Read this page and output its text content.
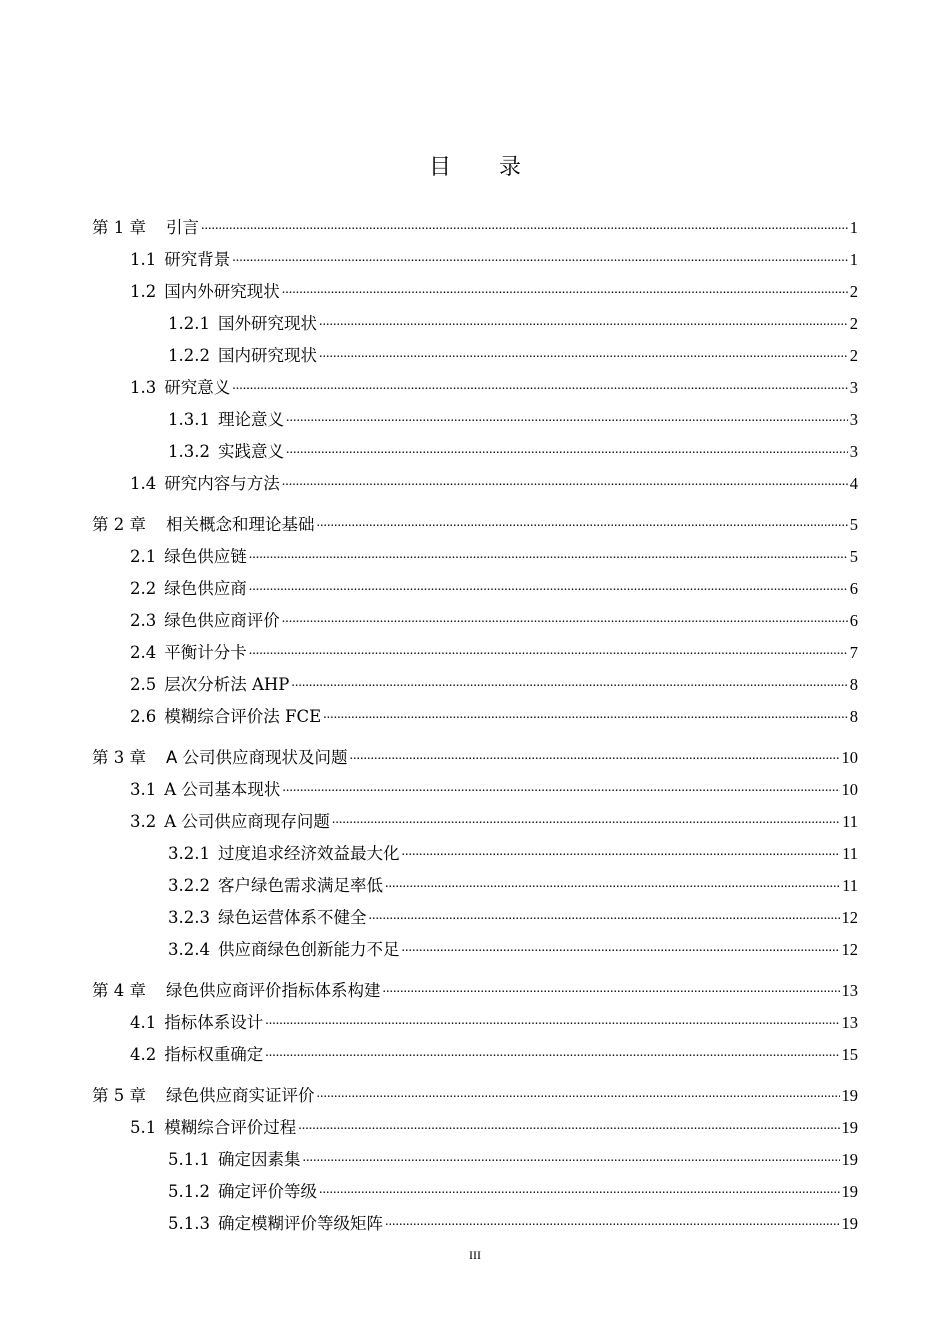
目 录
第 1 章 引言 .....	1
1.1 研究背景 .....	1
1.2 国内外研究现状 .....	2
1.2.1 国外研究现状 .....	2
1.2.2 国内研究现状 .....	2
1.3 研究意义 .....	3
1.3.1 理论意义 .....	3
1.3.2 实践意义 .....	3
1.4 研究内容与方法 .....	4
第 2 章 相关概念和理论基础 .....	5
2.1 绿色供应链 .....	5
2.2 绿色供应商 .....	6
2.3 绿色供应商评价 .....	6
2.4 平衡计分卡 .....	7
2.5 层次分析法 AHP .....	8
2.6 模糊综合评价法 FCE .....	8
第 3 章 A 公司供应商现状及问题 .....	10
3.1 A 公司基本现状 .....	10
3.2 A 公司供应商现存问题 .....	11
3.2.1 过度追求经济效益最大化 .....	11
3.2.2 客户绿色需求满足率低 .....	11
3.2.3 绿色运营体系不健全 .....	12
3.2.4 供应商绿色创新能力不足 .....	12
第 4 章 绿色供应商评价指标体系构建 .....	13
4.1 指标体系设计 .....	13
4.2 指标权重确定 .....	15
第 5 章 绿色供应商实证评价 .....	19
5.1 模糊综合评价过程 .....	19
5.1.1 确定因素集 .....	19
5.1.2 确定评价等级 .....	19
5.1.3 确定模糊评价等级矩阵 .....	19
III
